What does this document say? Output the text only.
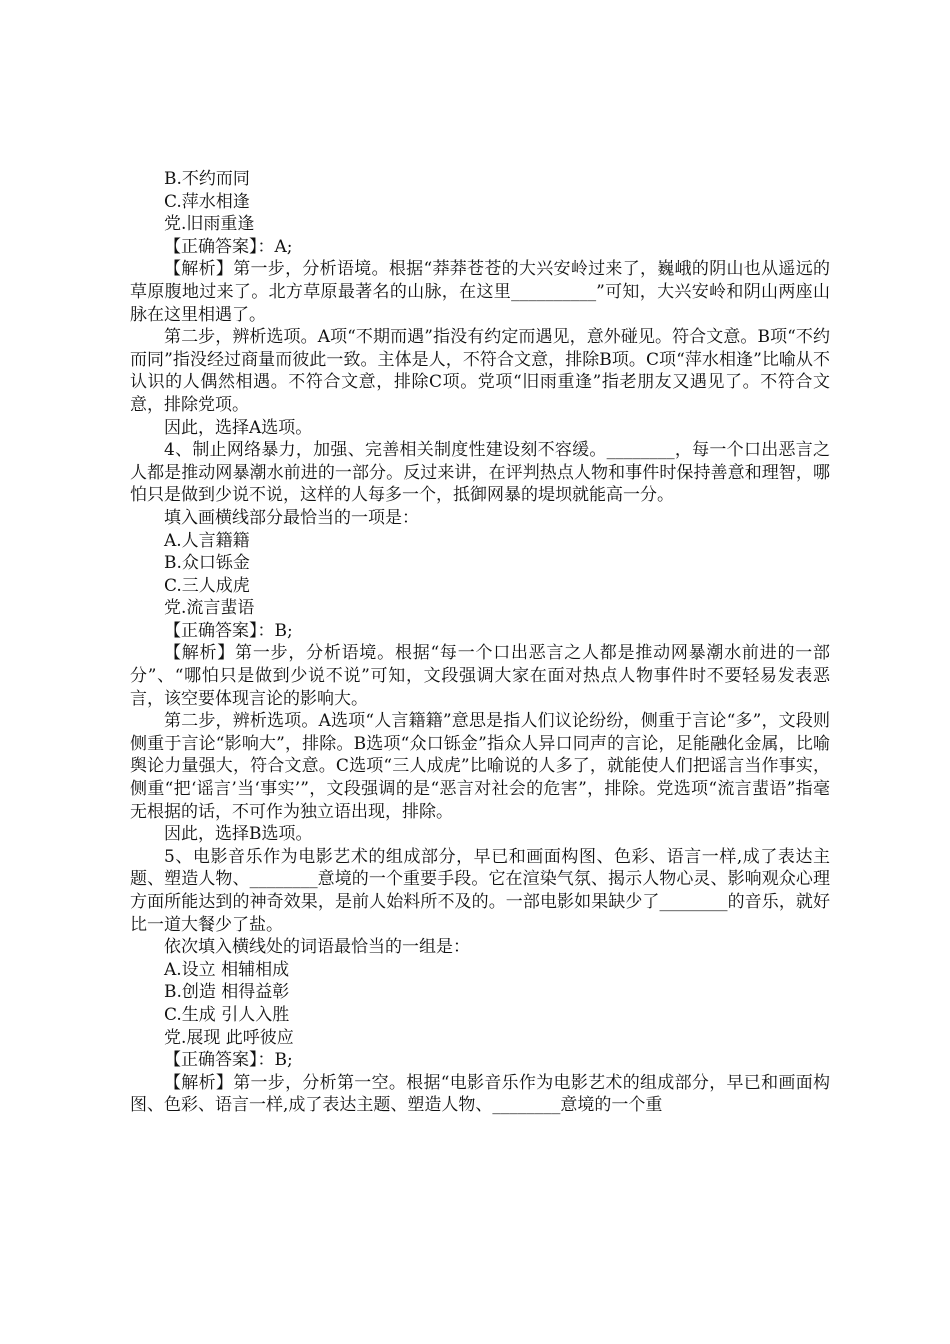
B.不约而同

C.萍水相逢

党.旧雨重逢

【正确答案】：A;

【解析】第一步，分析语境。根据“莽莽苍苍的大兴安岭过来了，巍峨的阴山也从遥远的草原腹地过来了。北方草原最著名的山脉，在这里__________”可知，大兴安岭和阴山两座山脉在这里相遇了。

第二步，辨析选项。A项“不期而遇”指没有约定而遇见，意外碰见。符合文意。B项“不约而同”指没经过商量而彼此一致。主体是人，不符合文意，排除B项。C项“萍水相逢”比喻从不认识的人偶然相遇。不符合文意，排除C项。党项“旧雨重逢”指老朋友又遇见了。不符合文意，排除党项。

因此，选择A选项。

4、制止网络暴力，加强、完善相关制度性建设刻不容缓。________，每一个口出恶言之人都是推动网暴潮水前进的一部分。反过来讲，在评判热点人物和事件时保持善意和理智，哪怕只是做到少说不说，这样的人每多一个，抵御网暴的堤坝就能高一分。

填入画横线部分最恰当的一项是：

A.人言籍籍

B.众口铄金

C.三人成虎

党.流言蜚语

【正确答案】：B;

【解析】第一步，分析语境。根据“每一个口出恶言之人都是推动网暴潮水前进的一部分”、“哪怕只是做到少说不说”可知，文段强调大家在面对热点人物事件时不要轻易发表恶言，该空要体现言论的影响大。

第二步，辨析选项。A选项“人言籍籍”意思是指人们议论纷纷，侧重于言论“多”，文段则侧重于言论“影响大”，排除。B选项“众口铄金”指众人异口同声的言论，足能融化金属，比喻舆论力量强大，符合文意。C选项“三人成虎”比喻说的人多了，就能使人们把谣言当作事实，侧重“把‘谣言’当‘事实’”，文段强调的是“恶言对社会的危害”，排除。党选项“流言蜚语”指毫无根据的话，不可作为独立语出现，排除。

因此，选择B选项。

5、电影音乐作为电影艺术的组成部分，早已和画面构图、色彩、语言一样,成了表达主题、塑造人物、________意境的一个重要手段。它在渲染气氛、揭示人物心灵、影响观众心理方面所能达到的神奇效果，是前人始料所不及的。一部电影如果缺少了________的音乐，就好比一道大餐少了盐。

依次填入横线处的词语最恰当的一组是：

A.设立 相辅相成

B.创造 相得益彰

C.生成 引人入胜

党.展现 此呼彼应

【正确答案】：B;

【解析】第一步，分析第一空。根据“电影音乐作为电影艺术的组成部分，早已和画面构图、色彩、语言一样,成了表达主题、塑造人物、________意境的一个重
